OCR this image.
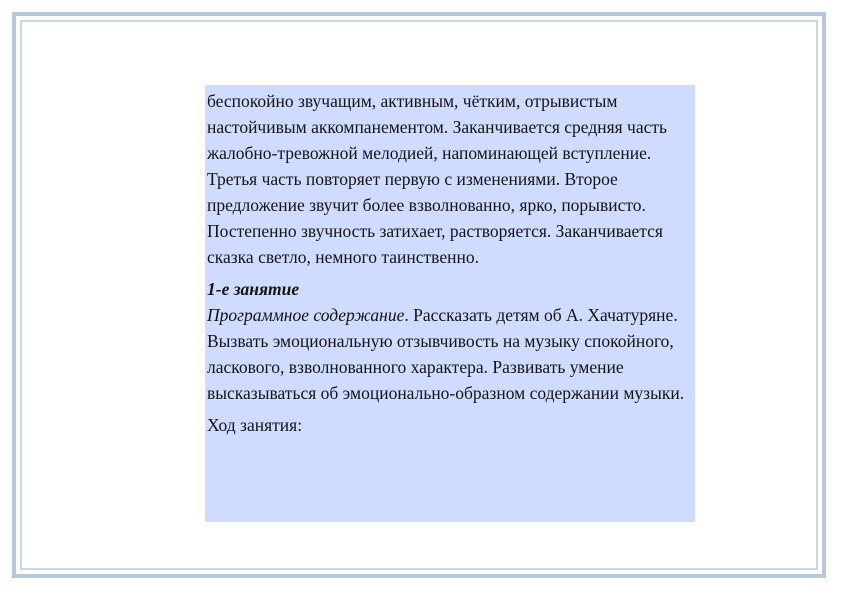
беспокойно звучащим, активным, чётким, отрывистым настойчивым аккомпанементом. Заканчивается средняя часть жалобно-тревожной мелодией, напоминающей вступление. Третья часть повторяет первую с изменениями. Второе предложение звучит более взволнованно, ярко, порывисто. Постепенно звучность затихает, растворяется. Заканчивается сказка светло, немного таинственно.

1-е занятие
Программное содержание. Рассказать детям об А. Хачатуряне. Вызвать эмоциональную отзывчивость на музыку спокойного, ласкового, взволнованного характера. Развивать умение высказываться об эмоционально-образном содержании музыки.

Ход занятия:
